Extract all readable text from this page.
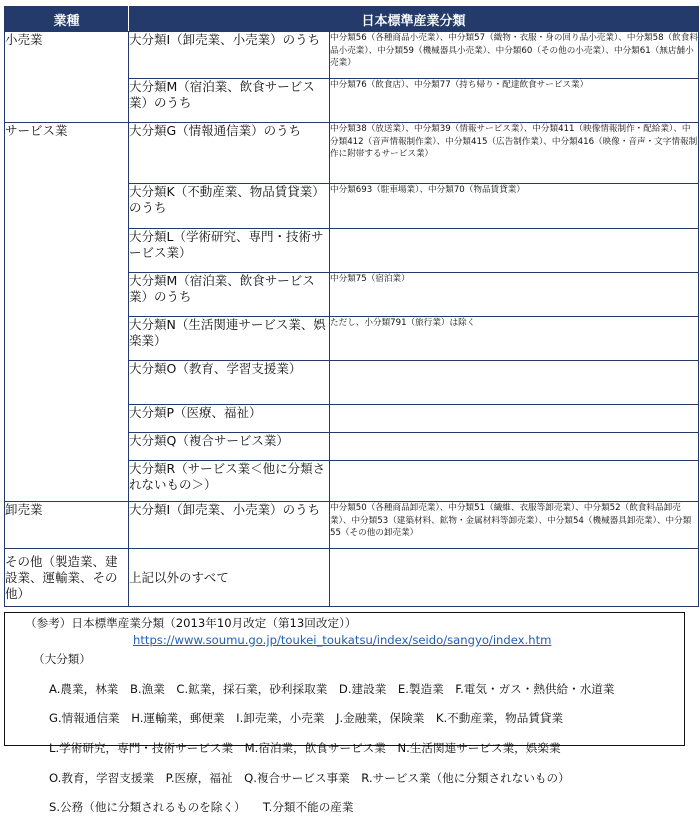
業種	日本標準産業分類	
小売業	大分類I（卸売業、小売業）のうち	中分類56（各種商品小売業）、中分類57（織物・衣服・身の回り品小売業）、中分類58（飲食料品小売業）、中分類59（機械器具小売業）、中分類60（その他の小売業）、中分類61（無店舗小売業）
	大分類M（宿泊業、飲食サービス業）のうち	中分類76（飲食店）、中分類77（持ち帰り・配達飲食サービス業）
サービス業	大分類G（情報通信業）のうち	中分類38（放送業）、中分類39（情報サービス業）、中分類411（映像情報制作・配給業）、中分類412（音声情報制作業）、中分類415（広告制作業）、中分類416（映像・音声・文字情報制作に附帯するサービス業）
	大分類K（不動産業、物品賃貸業）のうち	中分類693（駐車場業）、中分類70（物品賃貸業）
	大分類L（学術研究、専門・技術サービス業）	
	大分類M（宿泊業、飲食サービス業）のうち	中分類75（宿泊業）
	大分類N（生活関連サービス業、娯楽業）	ただし、小分類791（旅行業）は除く
	大分類O（教育、学習支援業）	
	大分類P（医療、福祉）	
	大分類Q（複合サービス業）	
	大分類R（サービス業＜他に分類されないもの＞）	
卸売業	大分類I（卸売業、小売業）のうち	中分類50（各種商品卸売業）、中分類51（繊維、衣服等卸売業）、中分類52（飲食料品卸売業）、中分類53（建築材料、鉱物・金属材料等卸売業）、中分類54（機械器具卸売業）、中分類55（その他の卸売業）
その他（製造業、建設業、運輸業、その他）	上記以外のすべて	
（参考）日本標準産業分類（2013年10月改定（第13回改定））
https://www.soumu.go.jp/toukei_toukatsu/index/seido/sangyo/index.htm
（大分類）

A.農業，林業　B.漁業　C.鉱業，採石業，砂利採取業　D.建設業　E.製造業　F.電気・ガス・熱供給・水道業

G.情報通信業　H.運輸業，郵便業　I.卸売業，小売業　J.金融業，保険業　K.不動産業，物品賃貸業

L.学術研究，専門・技術サービス業　M.宿泊業，飲食サービス業　N.生活関連サービス業，娯楽業

O.教育，学習支援業　P.医療，福祉　Q.複合サービス事業　R.サービス業（他に分類されないもの）

S.公務（他に分類されるものを除く）　　T.分類不能の産業
